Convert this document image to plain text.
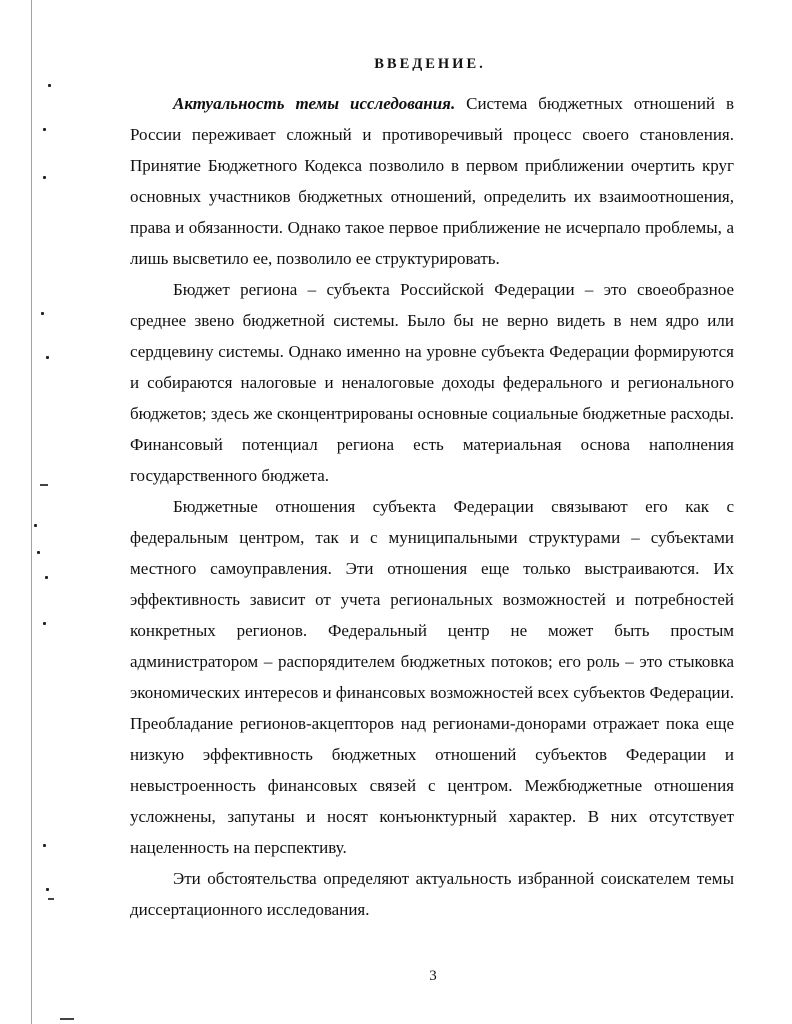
ВВЕДЕНИЕ.

Актуальность темы исследования. Система бюджетных отношений в России переживает сложный и противоречивый процесс своего становления. Принятие Бюджетного Кодекса позволило в первом приближении очертить круг основных участников бюджетных отношений, определить их взаимоотношения, права и обязанности. Однако такое первое приближение не исчерпало проблемы, а лишь высветило ее, позволило ее структурировать.

Бюджет региона – субъекта Российской Федерации – это своеобразное среднее звено бюджетной системы. Было бы не верно видеть в нем ядро или сердцевину системы. Однако именно на уровне субъекта Федерации формируются и собираются налоговые и неналоговые доходы федерального и регионального бюджетов; здесь же сконцентрированы основные социальные бюджетные расходы. Финансовый потенциал региона есть материальная основа наполнения государственного бюджета.

Бюджетные отношения субъекта Федерации связывают его как с федеральным центром, так и с муниципальными структурами – субъектами местного самоуправления. Эти отношения еще только выстраиваются. Их эффективность зависит от учета региональных возможностей и потребностей конкретных регионов. Федеральный центр не может быть простым администратором – распорядителем бюджетных потоков; его роль – это стыковка экономических интересов и финансовых возможностей всех субъектов Федерации. Преобладание регионов-акцепторов над регионами-донорами отражает пока еще низкую эффективность бюджетных отношений субъектов Федерации и невыстроенность финансовых связей с центром. Межбюджетные отношения усложнены, запутаны и носят конъюнктурный характер. В них отсутствует нацеленность на перспективу.

Эти обстоятельства определяют актуальность избранной соискателем темы диссертационного исследования.

3
